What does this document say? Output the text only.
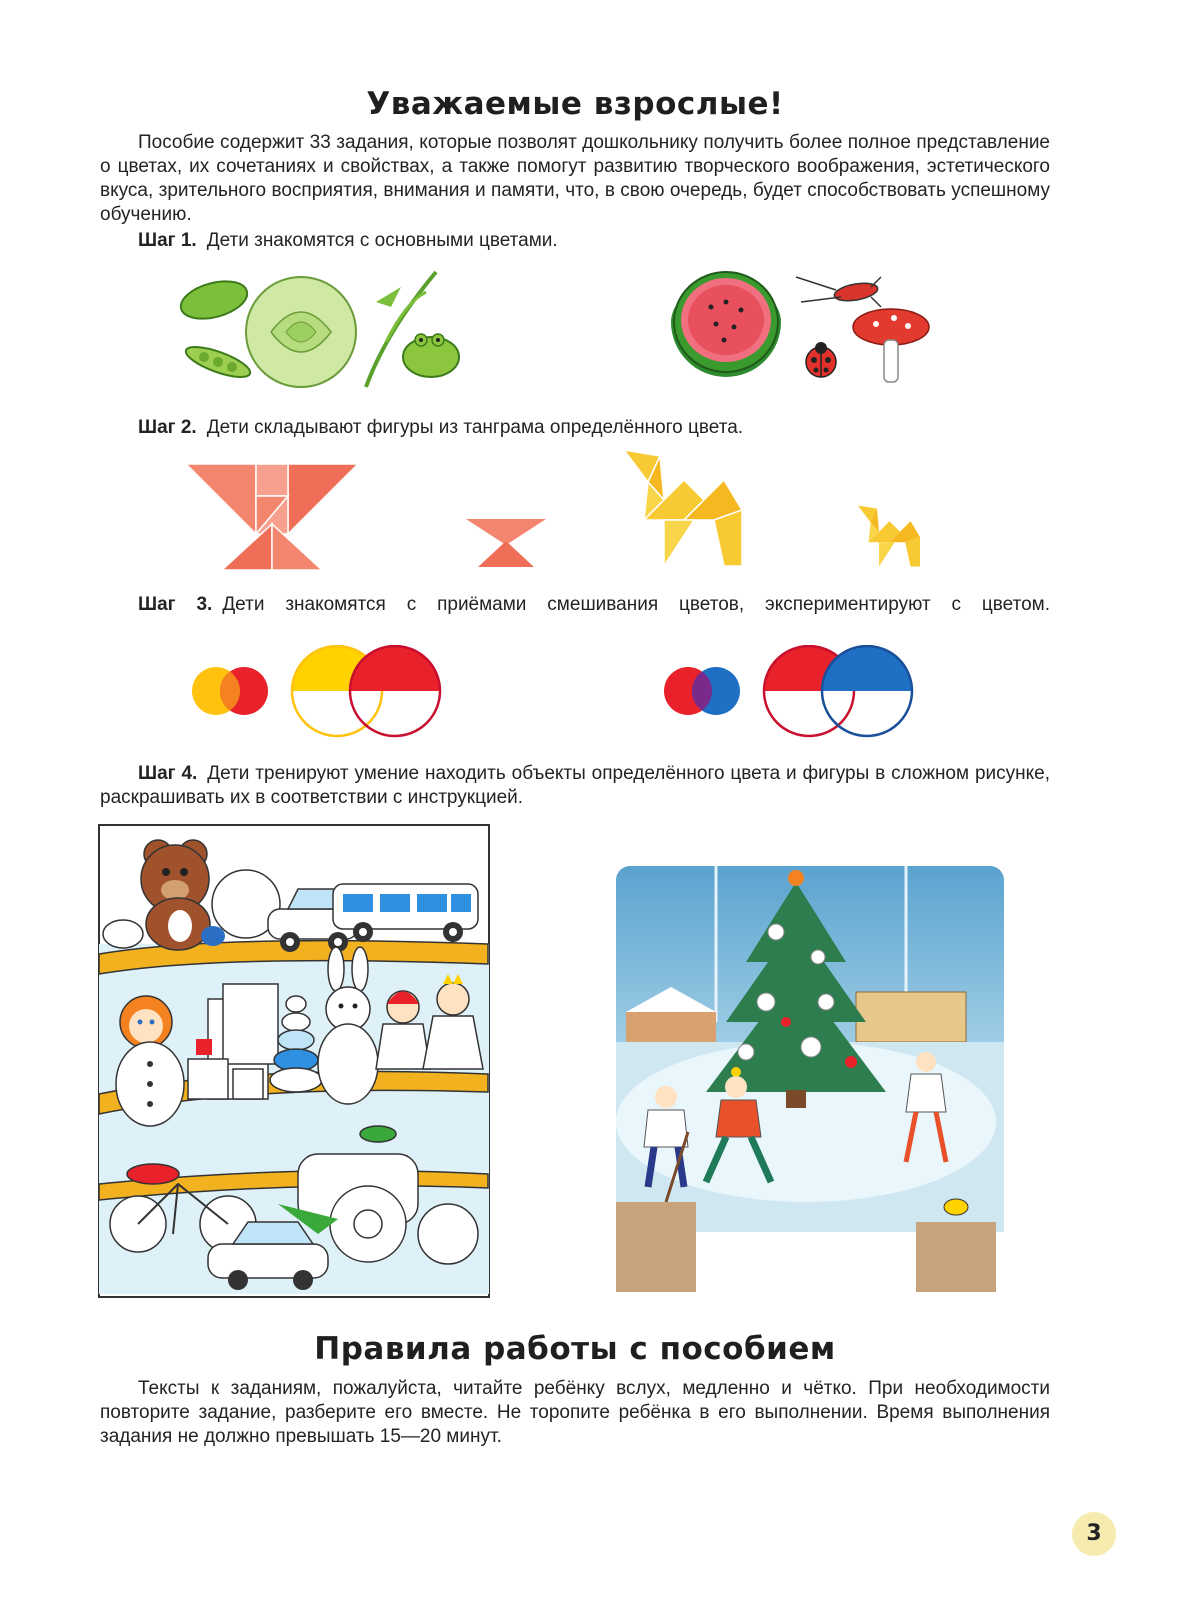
Уважаемые взрослые!

Пособие содержит 33 задания, которые позволят дошкольнику получить более полное представление о цветах, их сочетаниях и свойствах, а также помогут развитию творческого воображения, эстетического вкуса, зрительного восприятия, внимания и памяти, что, в свою очередь, будет способствовать успешному обучению.

Шаг 1. Дети знакомятся с основными цветами.

Шаг 2. Дети складывают фигуры из танграма определённого цвета.

Шаг 3. Дети знакомятся с приёмами смешивания цветов, экспериментируют с цветом.

Шаг 4. Дети тренируют умение находить объекты определённого цвета и фигуры в сложном рисунке, раскрашивать их в соответствии с инструкцией.

Правила работы с пособием

Тексты к заданиям, пожалуйста, читайте ребёнку вслух, медленно и чётко. При необходимости повторите задание, разберите его вместе. Не торопите ребёнка в его выполнении. Время выполнения задания не должно превышать 15—20 минут.

3
